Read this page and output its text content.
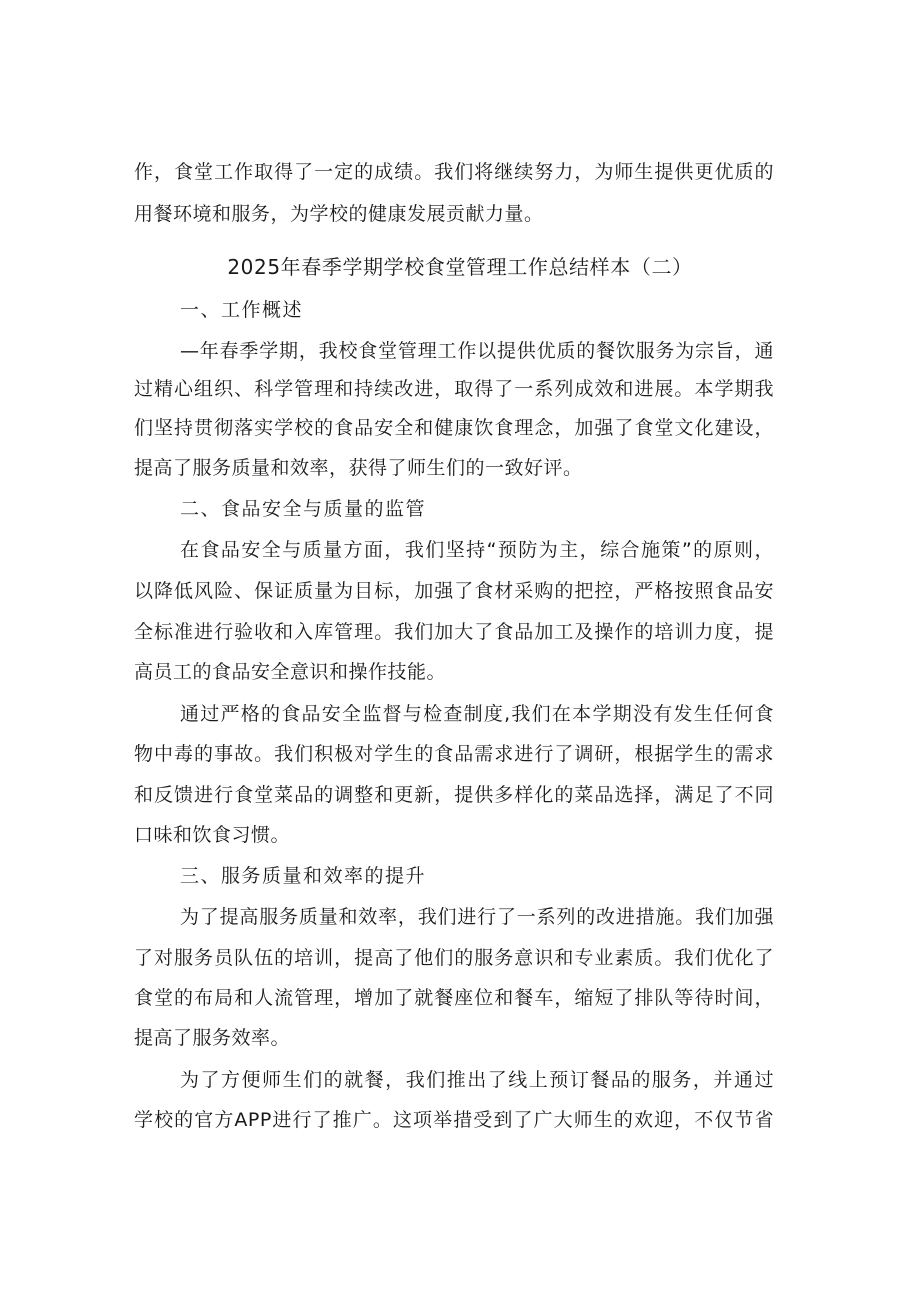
作，食堂工作取得了一定的成绩。我们将继续努力，为师生提供更优质的
用餐环境和服务，为学校的健康发展贡献力量。
2025年春季学期学校食堂管理工作总结样本（二）
一、工作概述
—年春季学期，我校食堂管理工作以提供优质的餐饮服务为宗旨，通
过精心组织、科学管理和持续改进，取得了一系列成效和进展。本学期我
们坚持贯彻落实学校的食品安全和健康饮食理念，加强了食堂文化建设，
提高了服务质量和效率，获得了师生们的一致好评。
二、食品安全与质量的监管
在食品安全与质量方面，我们坚持“预防为主，综合施策”的原则，
以降低风险、保证质量为目标，加强了食材采购的把控，严格按照食品安
全标准进行验收和入库管理。我们加大了食品加工及操作的培训力度，提
高员工的食品安全意识和操作技能。
通过严格的食品安全监督与检查制度,我们在本学期没有发生任何食
物中毒的事故。我们积极对学生的食品需求进行了调研，根据学生的需求
和反馈进行食堂菜品的调整和更新，提供多样化的菜品选择，满足了不同
口味和饮食习惯。
三、服务质量和效率的提升
为了提高服务质量和效率，我们进行了一系列的改进措施。我们加强
了对服务员队伍的培训，提高了他们的服务意识和专业素质。我们优化了
食堂的布局和人流管理，增加了就餐座位和餐车，缩短了排队等待时间，
提高了服务效率。
为了方便师生们的就餐，我们推出了线上预订餐品的服务，并通过
学校的官方APP进行了推广。这项举措受到了广大师生的欢迎，不仅节省
